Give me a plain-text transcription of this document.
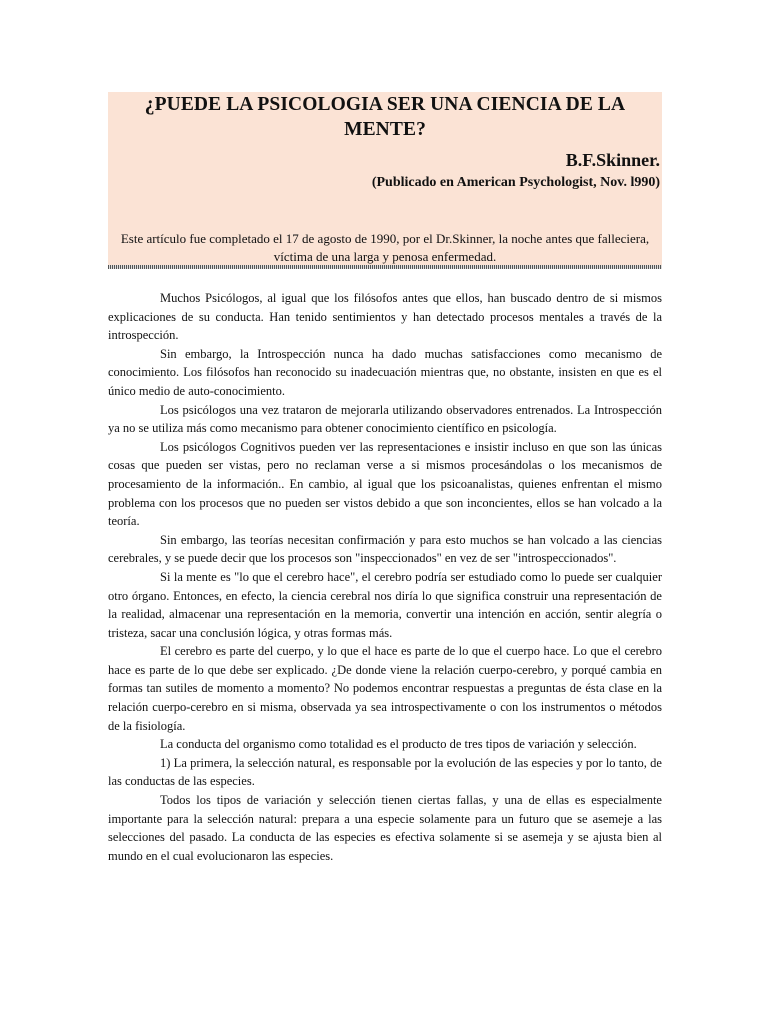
¿PUEDE LA PSICOLOGIA SER UNA CIENCIA DE LA MENTE?
B.F.Skinner.
(Publicado en American Psychologist, Nov. l990)
Este artículo fue completado el 17 de agosto de 1990, por el Dr.Skinner, la noche antes que falleciera, víctima de una larga y penosa enfermedad.

Muchos Psicólogos, al igual que los filósofos antes que ellos, han buscado dentro de si mismos explicaciones de su conducta. Han tenido sentimientos y han detectado procesos mentales a través de la introspección.

Sin embargo, la Introspección nunca ha dado muchas satisfacciones como mecanismo de conocimiento. Los filósofos han reconocido su inadecuación mientras que, no obstante, insisten en que es el único medio de auto-conocimiento.

Los psicólogos una vez trataron de mejorarla utilizando observadores entrenados. La Introspección ya no se utiliza más como mecanismo para obtener conocimiento científico en psicología.

Los psicólogos Cognitivos pueden ver las representaciones e insistir incluso en que son las únicas cosas que pueden ser vistas, pero no reclaman verse a si mismos procesándolas o los mecanismos de procesamiento de la información.. En cambio, al igual que los psicoanalistas, quienes enfrentan el mismo problema con los procesos que no pueden ser vistos debido a que son inconcientes, ellos se han volcado a la teoría.

Sin embargo, las teorías necesitan confirmación y para esto muchos se han volcado a las ciencias cerebrales, y se puede decir que los procesos son "inspeccionados" en vez de ser "introspeccionados".

Si la mente es "lo que el cerebro hace", el cerebro podría ser estudiado como lo puede ser cualquier otro órgano. Entonces, en efecto, la ciencia cerebral nos diría lo que significa construir una representación de la realidad, almacenar una representación en la memoria, convertir una intención en acción, sentir alegría o tristeza, sacar una conclusión lógica, y otras formas más.

El cerebro es parte del cuerpo, y lo que el hace es parte de lo que el cuerpo hace. Lo que el cerebro hace es parte de lo que debe ser explicado. ¿De donde viene la relación cuerpo-cerebro, y porqué cambia en formas tan sutiles de momento a momento? No podemos encontrar respuestas a preguntas de ésta clase en la relación cuerpo-cerebro en si misma, observada ya sea introspectivamente o con los instrumentos o métodos de la fisiología.

La conducta del organismo como totalidad es el producto de tres tipos de variación y selección.

1) La primera, la selección natural, es responsable por la evolución de las especies y por lo tanto, de las conductas de las especies.

Todos los tipos de variación y selección tienen ciertas fallas, y una de ellas es especialmente importante para la selección natural: prepara a una especie solamente para un futuro que se asemeje a las selecciones del pasado. La conducta de las especies es efectiva solamente si se asemeja y se ajusta bien al mundo en el cual evolucionaron las especies.
